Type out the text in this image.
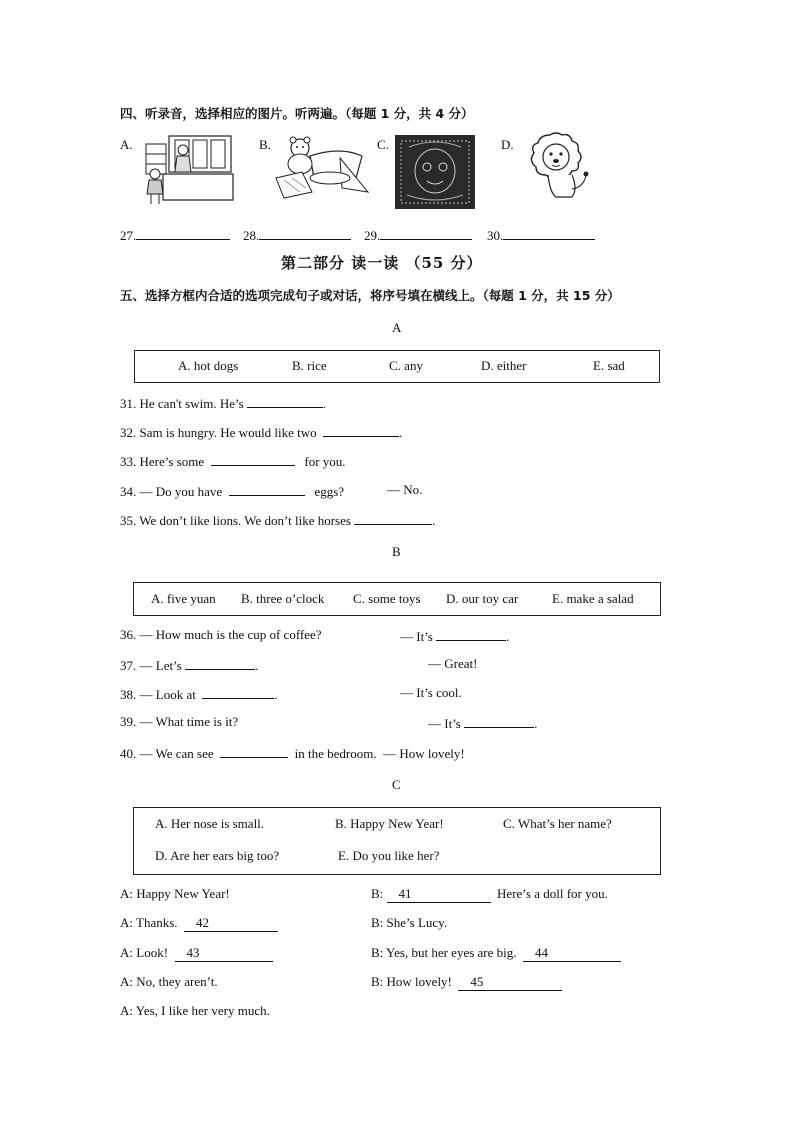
四、听录音，选择相应的图片。听两遍。（每题 1 分，共 4 分）
A.	B.	C.	D.
27.	28.	29.	30.
第二部分 读一读 （55 分）
五、选择方框内合适的选项完成句子或对话，将序号填在横线上。（每题 1 分，共 15 分）
A
A. hot dogs	B. rice	C. any	D. either	E. sad
31. He can't swim. He’s	.
32. Sam is hungry. He would like two	.
33. Here’s some	for you.
34. — Do you have	eggs?	— No.
35. We don’t like lions. We don’t like horses	.
B
A. five yuan B. three o’clock C. some toys D. our toy car	E. make a salad
36. — How much is the cup of coffee?	— It’s	.
37. — Let’s	.	— Great!
38. — Look at	.	— It’s cool.
39. — What time is it?	— It’s	.
40. — We can see	in the bedroom. — How lovely!
C
A. Her nose is small.	B. Happy New Year!	C. What’s her name?
D. Are her ears big too?	E. Do you like her?
A: Happy New Year!	B: 41	Here’s a doll for you.
A: Thanks. 42	B: She’s Lucy.
A: Look! 43	B: Yes, but her eyes are big. 44
A: No, they aren’t.	B: How lovely! 45
A: Yes, I like her very much.
